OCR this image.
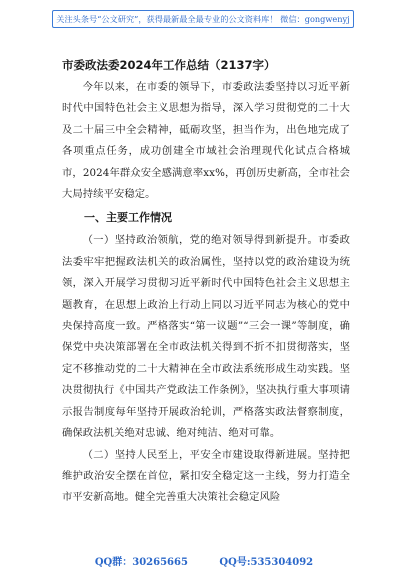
关注头条号“公文研究”，获得最新最全最专业的公文资料库！ 微信：gongwenyj
市委政法委2024年工作总结（2137字）

今年以来，在市委的领导下，市委政法委坚持以习近平新时代中国特色社会主义思想为指导，深入学习贯彻党的二十大及二十届三中全会精神，砥砺攻坚，担当作为，出色地完成了各项重点任务，成功创建全市域社会治理现代化试点合格城市，2024年群众安全感满意率xx%，再创历史新高，全市社会大局持续平安稳定。

一、主要工作情况

（一）坚持政治领航，党的绝对领导得到新提升。市委政法委牢牢把握政法机关的政治属性，坚持以党的政治建设为统领，深入开展学习贯彻习近平新时代中国特色社会主义思想主题教育，在思想上政治上行动上同以习近平同志为核心的党中央保持高度一致。严格落实“第一议题”“三会一课”等制度，确保党中央决策部署在全市政法机关得到不折不扣贯彻落实，坚定不移推动党的二十大精神在全市政法系统形成生动实践。坚决贯彻执行《中国共产党政法工作条例》，坚决执行重大事项请示报告制度每年坚持开展政治轮训，严格落实政法督察制度，确保政法机关绝对忠诚、绝对纯洁、绝对可靠。

（二）坚持人民至上，平安全市建设取得新进展。坚持把维护政治安全摆在首位，紧扣安全稳定这一主线，努力打造全市平安新高地。健全完善重大决策社会稳定风险

QQ群：30265665	QQ号:535304092
